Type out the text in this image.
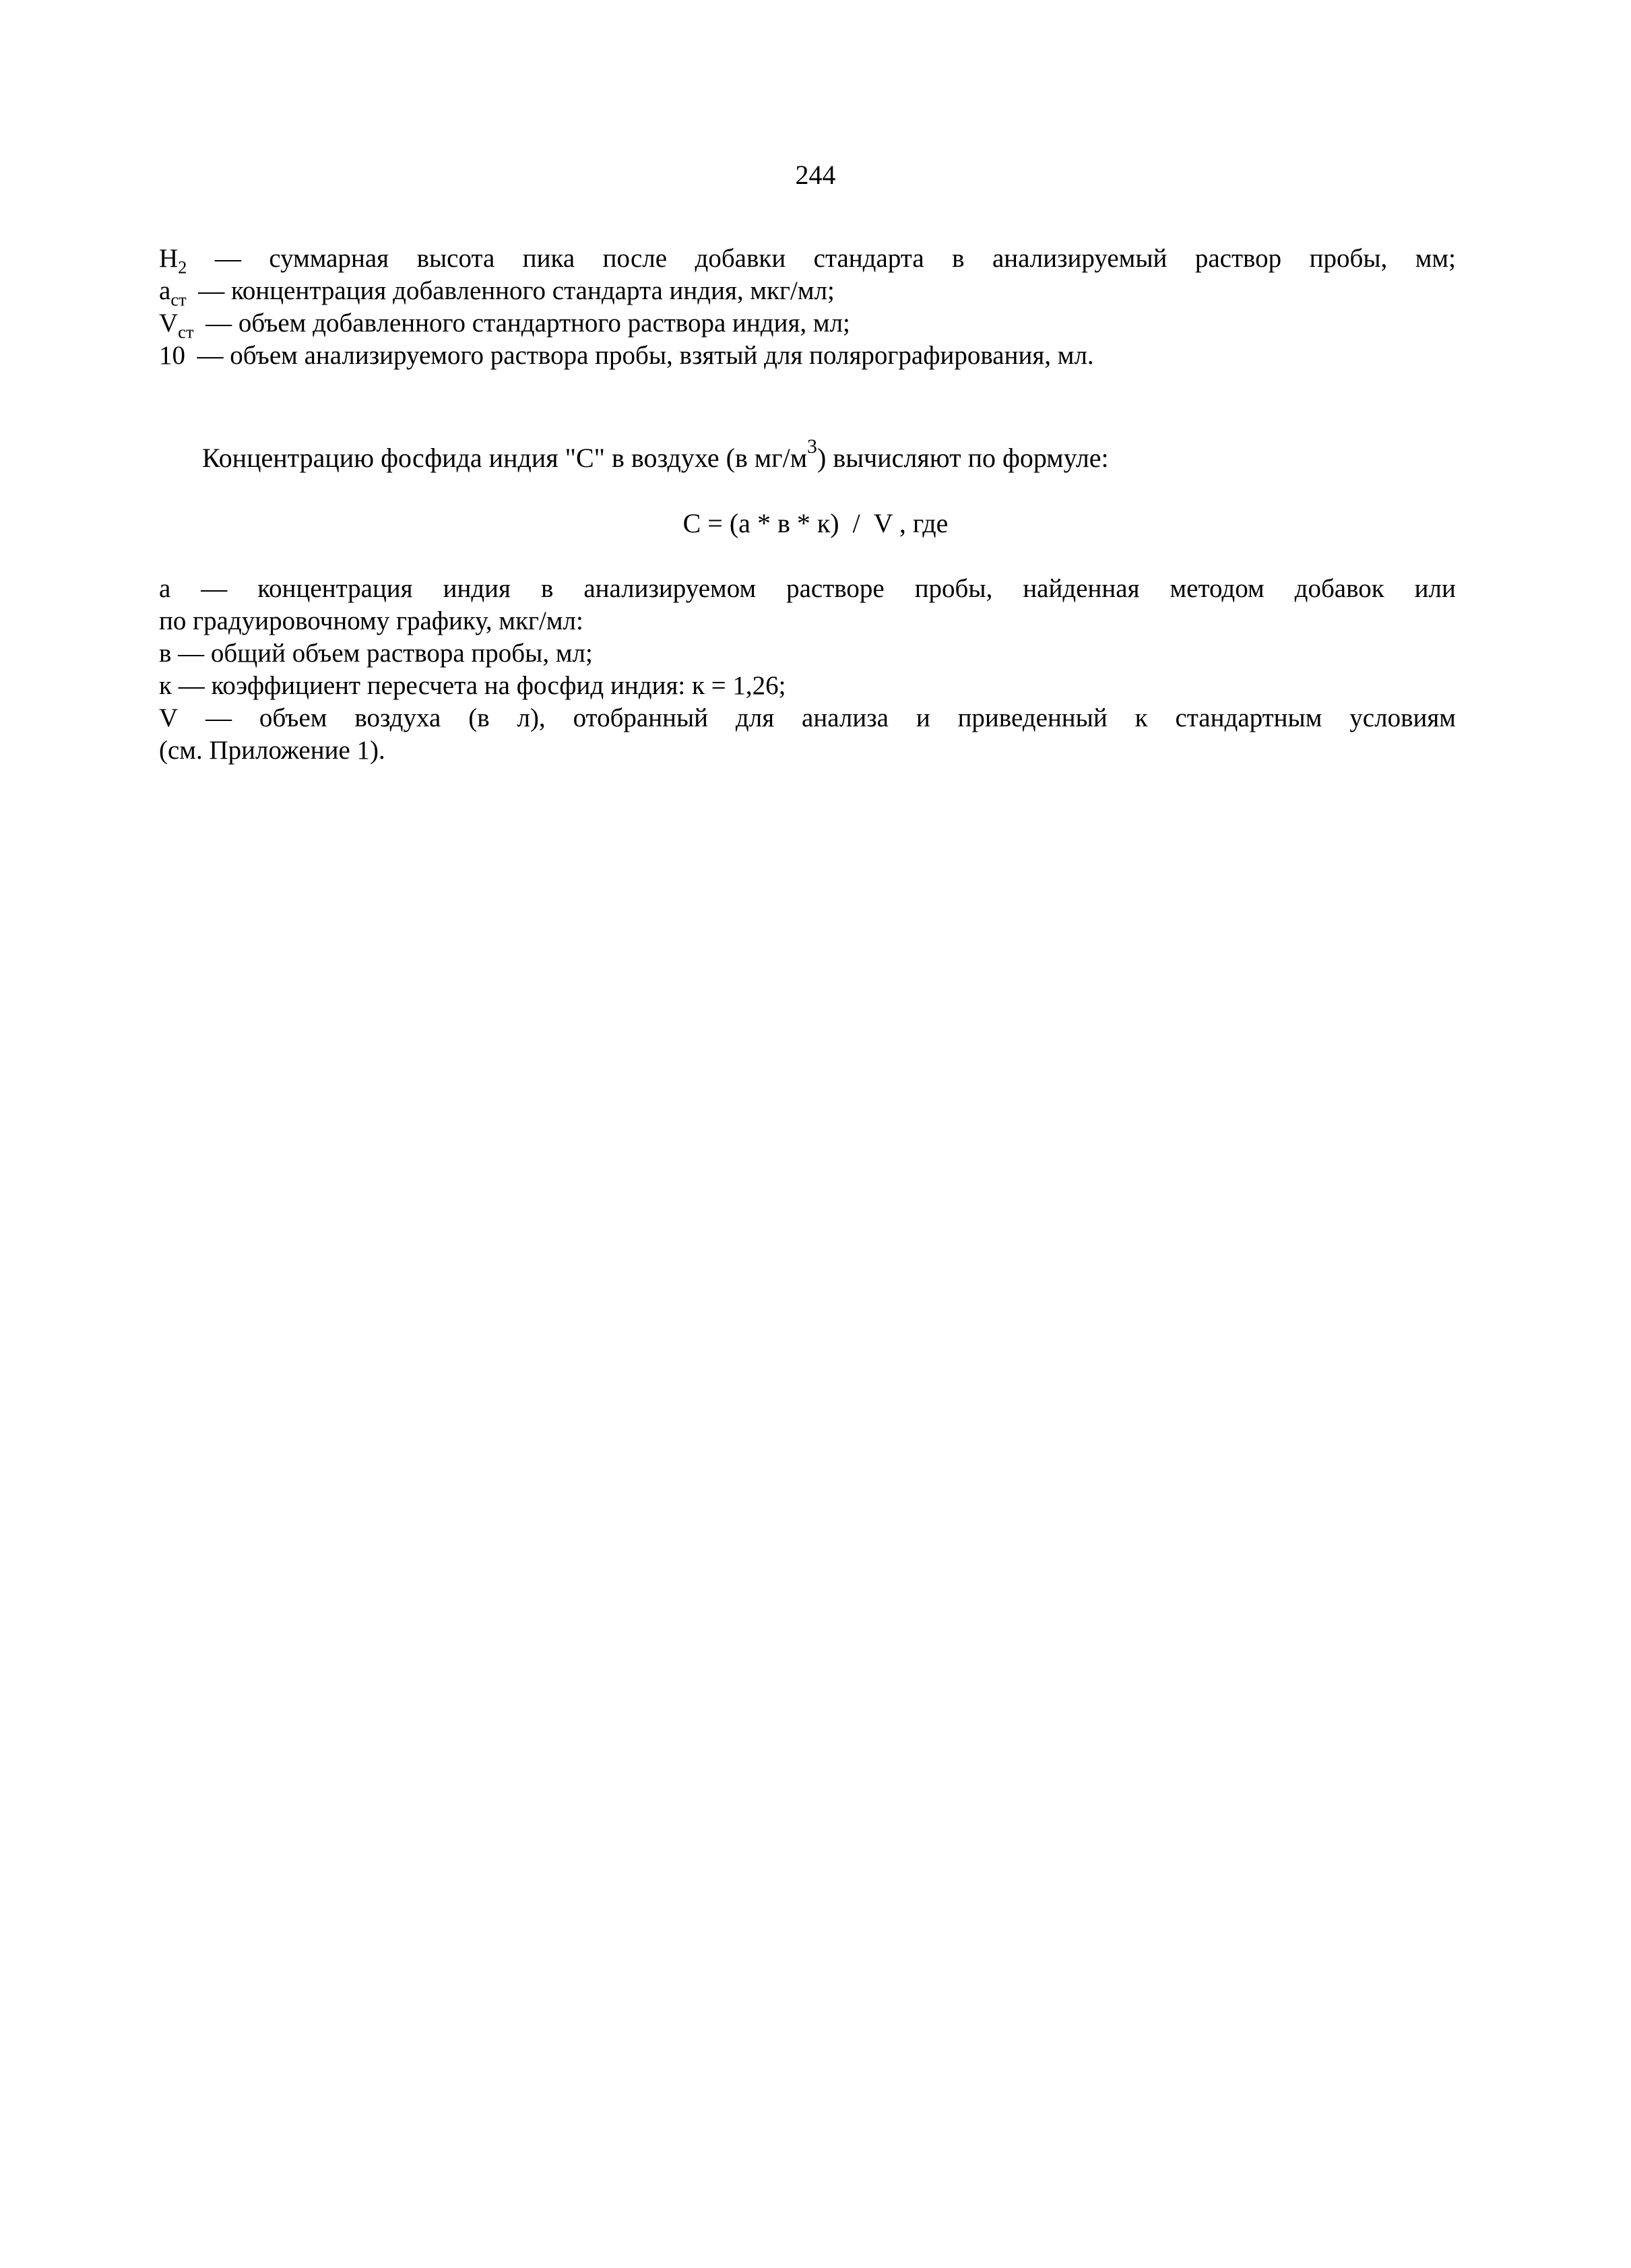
244
$H_2$ — суммарная высота пика после добавки стандарта в анализируемый раствор пробы, мм;
$a_{ст}$ — концентрация добавленного стандарта индия, мкг/мл;
$V_{ст}$ — объем добавленного стандартного раствора индия, мл;
10 — объем анализируемого раствора пробы, взятый для полярографирования, мл.
Концентрацию фосфида индия "С" в воздухе (в $мг/м^3$) вычисляют по формуле:
С = (а * в * к)  /  V , где
а — концентрация индия в анализируемом растворе пробы, найденная методом добавок или
по градуировочному графику, мкг/мл:
в — общий объем раствора пробы, мл;
к — коэффициент пересчета на фосфид индия: к = 1,26;
V — объем воздуха (в л), отобранный для анализа и приведенный к стандартным условиям
(см. Приложение 1).
